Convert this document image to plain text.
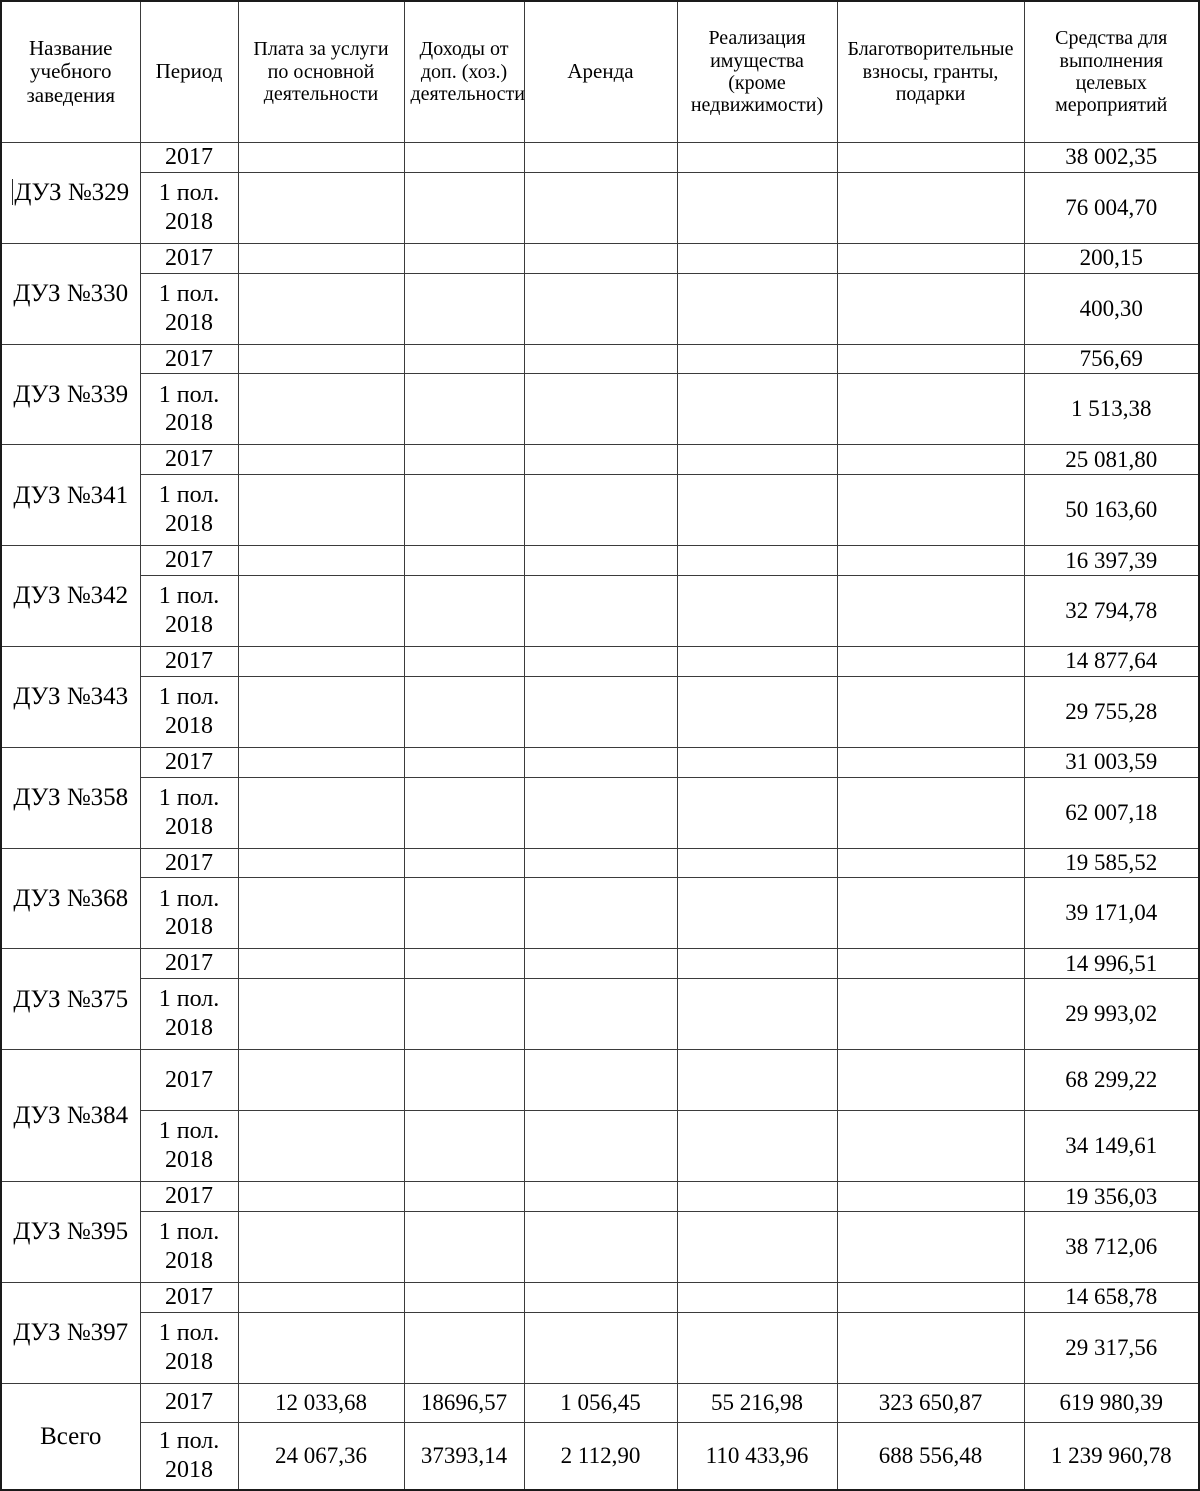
Название учебного заведения	Период	Плата за услуги по основной деятельности	Доходы от доп. (хоз.) деятельности	Аренда	Реализация имущества (кроме недвижимости)	Благотворительные взносы, гранты, подарки	Средства для выполнения целевых мероприятий

ДУЗ №329	2017						38 002,35
	1 пол. 2018						76 004,70

ДУЗ №330	2017						200,15
	1 пол. 2018						400,30

ДУЗ №339	2017						756,69
	1 пол. 2018						1 513,38

ДУЗ №341	2017						25 081,80
	1 пол. 2018						50 163,60

ДУЗ №342	2017						16 397,39
	1 пол. 2018						32 794,78

ДУЗ №343	2017						14 877,64
	1 пол. 2018						29 755,28

ДУЗ №358	2017						31 003,59
	1 пол. 2018						62 007,18

ДУЗ №368	2017						19 585,52
	1 пол. 2018						39 171,04

ДУЗ №375	2017						14 996,51
	1 пол. 2018						29 993,02

ДУЗ №384	2017						68 299,22
	1 пол. 2018						34 149,61

ДУЗ №395	2017						19 356,03
	1 пол. 2018						38 712,06

ДУЗ №397	2017						14 658,78
	1 пол. 2018						29 317,56

Всего	2017	12 033,68	18696,57	1 056,45	55 216,98	323 650,87	619 980,39
	1 пол. 2018	24 067,36	37393,14	2 112,90	110 433,96	688 556,48	1 239 960,78
